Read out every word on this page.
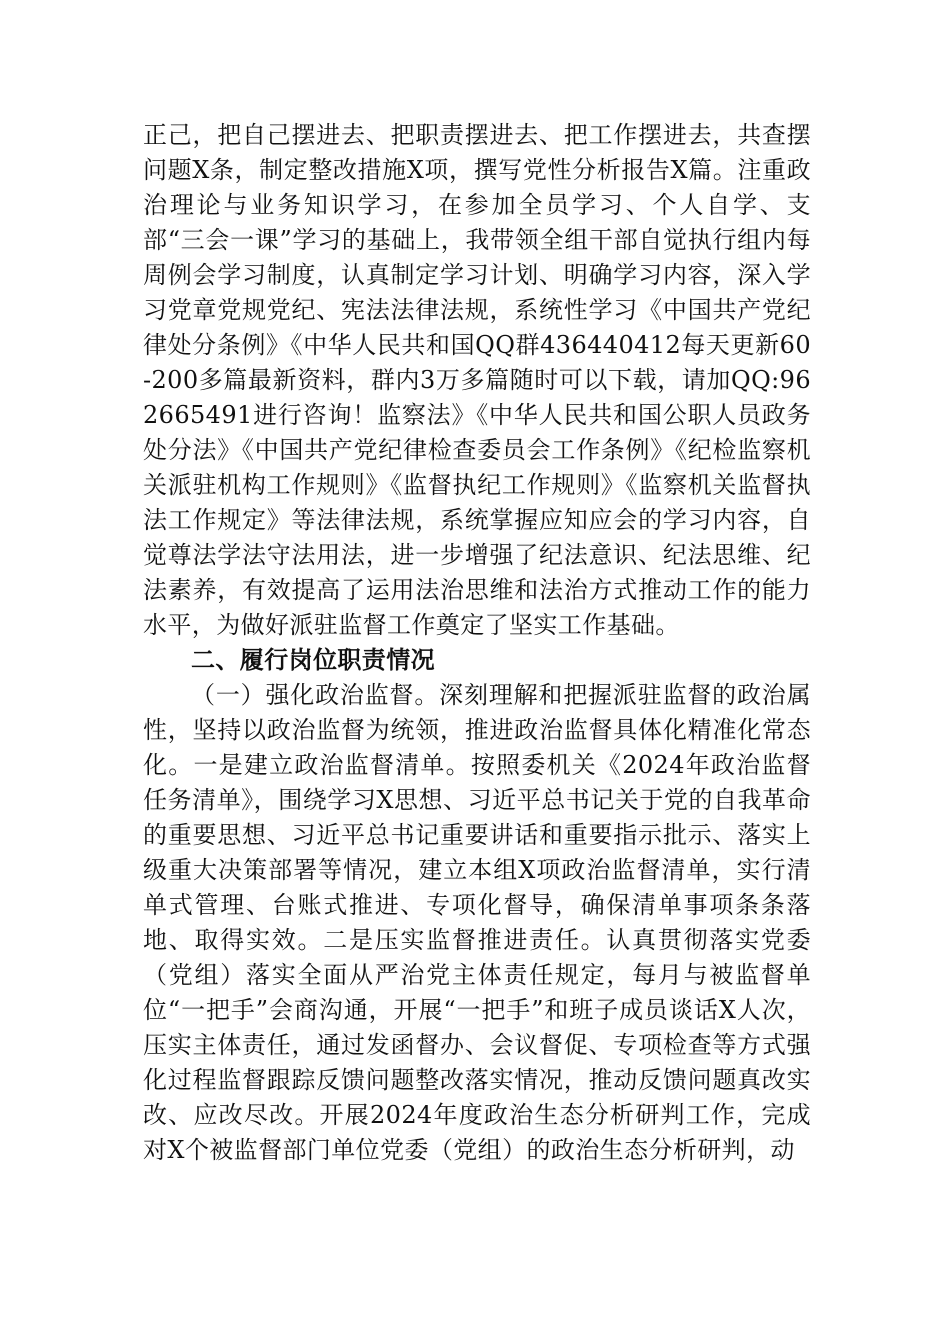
正己，把自己摆进去、把职责摆进去、把工作摆进去，共查摆问题X条，制定整改措施X项，撰写党性分析报告X篇。注重政治理论与业务知识学习，在参加全员学习、个人自学、支部“三会一课”学习的基础上，我带领全组干部自觉执行组内每周例会学习制度，认真制定学习计划、明确学习内容，深入学习党章党规党纪、宪法法律法规，系统性学习《中国共产党纪律处分条例》《中华人民共和国QQ群436440412每天更新60-200多篇最新资料，群内3万多篇随时可以下载，请加QQ:962665491进行咨询！监察法》《中华人民共和国公职人员政务处分法》《中国共产党纪律检查委员会工作条例》《纪检监察机关派驻机构工作规则》《监督执纪工作规则》《监察机关监督执法工作规定》等法律法规，系统掌握应知应会的学习内容，自觉尊法学法守法用法，进一步增强了纪法意识、纪法思维、纪法素养，有效提高了运用法治思维和法治方式推动工作的能力水平，为做好派驻监督工作奠定了坚实工作基础。

二、履行岗位职责情况

（一）强化政治监督。深刻理解和把握派驻监督的政治属性，坚持以政治监督为统领，推进政治监督具体化精准化常态化。一是建立政治监督清单。按照委机关《2024年政治监督任务清单》，围绕学习X思想、习近平总书记关于党的自我革命的重要思想、习近平总书记重要讲话和重要指示批示、落实上级重大决策部署等情况，建立本组X项政治监督清单，实行清单式管理、台账式推进、专项化督导，确保清单事项条条落地、取得实效。二是压实监督推进责任。认真贯彻落实党委（党组）落实全面从严治党主体责任规定，每月与被监督单位“一把手”会商沟通，开展“一把手”和班子成员谈话X人次，压实主体责任，通过发函督办、会议督促、专项检查等方式强化过程监督跟踪反馈问题整改落实情况，推动反馈问题真改实改、应改尽改。开展2024年度政治生态分析研判工作，完成对X个被监督部门单位党委（党组）的政治生态分析研判，动
